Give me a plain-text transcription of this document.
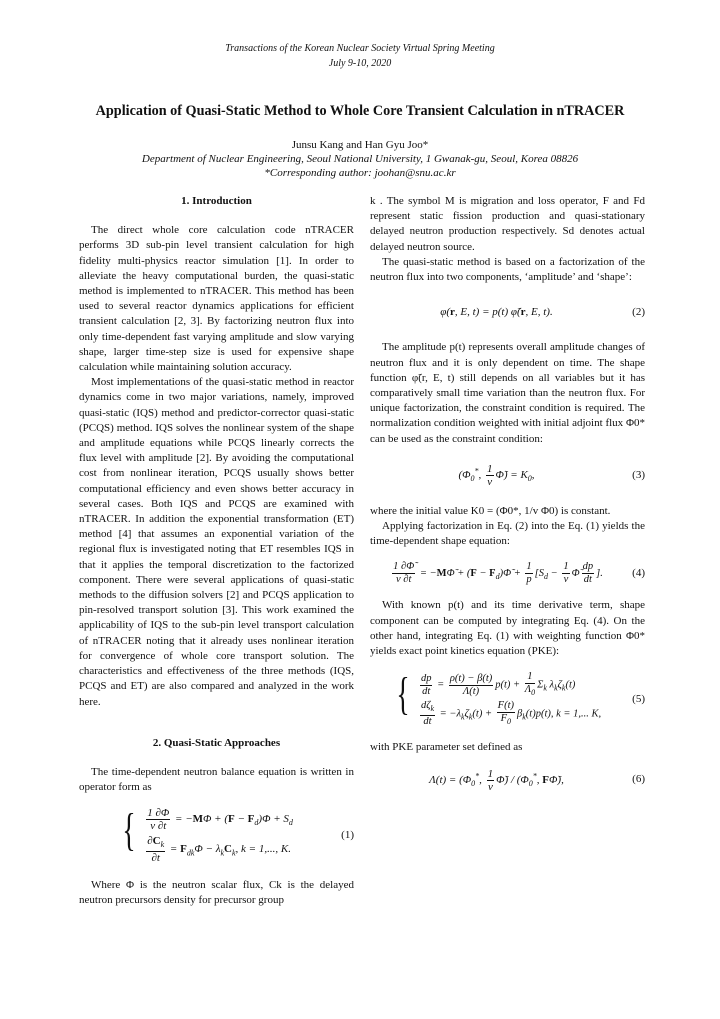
Transactions of the Korean Nuclear Society Virtual Spring Meeting
July 9-10, 2020
Application of Quasi-Static Method to Whole Core Transient Calculation in nTRACER
Junsu Kang and Han Gyu Joo*
Department of Nuclear Engineering, Seoul National University, 1 Gwanak-gu, Seoul, Korea 08826
*Corresponding author: joohan@snu.ac.kr
1. Introduction

The direct whole core calculation code nTRACER performs 3D sub-pin level transient calculation for high fidelity multi-physics reactor simulation [1]. In order to alleviate the heavy computational burden, the quasi-static method is implemented to nTRACER. This method has been used to several reactor dynamics applications for efficient transient calculation [2, 3]. By factorizing neutron flux into only time-dependent fast varying amplitude and slow varying shape, larger time-step size is used for expensive shape calculation while maintaining solution accuracy.

Most implementations of the quasi-static method in reactor dynamics come in two major variations, namely, improved quasi-static (IQS) method and predictor-corrector quasi-static (PCQS) method. IQS solves the nonlinear system of the shape and amplitude equations while PCQS linearly corrects the flux level with amplitude [2]. By avoiding the computational cost from nonlinear iteration, PCQS usually shows better computational efficiency and even shows better accuracy in several cases. Both IQS and PCQS are examined with nTRACER. In addition the exponential transformation (ET) method [4] that assumes an exponential variation of the regional flux is investigated noting that ET resembles IQS in that it applies the temporal discretization to the factorized component. There were several applications of quasi-static methods to the diffusion solvers [2] and PCQS application to pin-resolved transport solution [3]. This work examined the applicability of IQS to the sub-pin level transport calculation of nTRACER noting that it already uses nonlinear iteration for convergence of whole core transport solution. The characteristics and effectiveness of the three methods (IQS, PCQS and ET) are also compared and analyzed in the work here.

2. Quasi-Static Approaches

The time-dependent neutron balance equation is written in operator form as

{ $\frac{1 \partial\Phi}{v \partial t} = -M\Phi + (F - F_d)\Phi + S_d$
$\frac{\partial C_k}{\partial t} = F_{dk}\Phi - \lambda_kC_k$, k = 1,..., K.
(1)

Where Φ is the neutron scalar flux, Ck is the delayed neutron precursors density for precursor group

k . The symbol M is migration and loss operator, F and Fd represent static fission production and quasi-stationary delayed neutron production respectively. Sd denotes actual delayed neutron source.

The quasi-static method is based on a factorization of the neutron flux into two components, ‘amplitude’ and ‘shape’:

φ(r, E, t) = p(t) φ̃(r, E, t).	(2)

The amplitude p(t) represents overall amplitude changes of neutron flux and it is only dependent on time. The shape function φ̃(r, E, t) still depends on all variables but it has comparatively small time variation than the neutron flux. For unique factorization, the constraint condition is required. The normalization condition weighted with initial adjoint flux Φ0* can be used as the constraint condition:

($\Phi_0^*$, $\frac{1}{v}$ Φ̃) = $K_0$,	(3)

where the initial value K0 = (Φ0*, 1/v Φ0) is constant.

Applying factorization in Eq. (2) into the Eq. (1) yields the time-dependent shape equation:

$\frac{1 \partial\Phĩ}{v \partial t}$ = −MΦ̃ + $(F - F_d)\Phĩ + \frac{1}{p} [S_d - \frac{1}{v}$ Φ̃ $\frac{dp}{dt}$ ].	(4)

With known p(t) and its time derivative term, shape component can be computed by integrating Eq. (4). On the other hand, integrating Eq. (1) with weighting function Φ0* yields exact point kinetics equation (PKE):

{ $\frac{dp}{dt} = \frac{\rho(t) - \beta(t)}{\Lambda(t)} p(t) + \frac{1}{\Lambda_0} \Sigma_k$ $\lambda_k\zeta_k(t)$
$\frac{d\zeta_k}{dt} = -\lambda_k\zeta_k(t) + \frac{F(t)}{F_0} \beta_k(t)p(t)$, k = 1,... K,
(5)

with PKE parameter set defined as

$\Lambda(t) = (\Phi_0^*$, $\frac{1}{v}$ Φ̃) / ($\Phi_0^*$, FΦ̃),	(6)
